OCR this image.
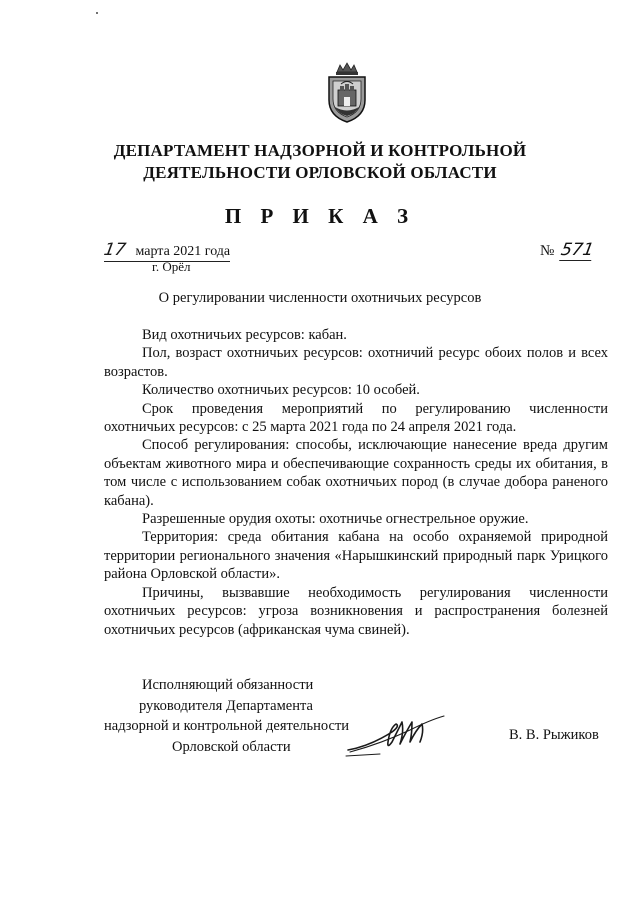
ДЕПАРТАМЕНТ НАДЗОРНОЙ И КОНТРОЛЬНОЙ
ДЕЯТЕЛЬНОСТИ ОРЛОВСКОЙ ОБЛАСТИ
П Р И К А З
17 марта 2021 года
г. Орёл
№ 571
О регулировании численности охотничьих ресурсов

Вид охотничьих ресурсов: кабан.

Пол, возраст охотничьих ресурсов: охотничий ресурс обоих полов и всех возрастов.

Количество охотничьих ресурсов: 10 особей.

Срок проведения мероприятий по регулированию численности охотничьих ресурсов: с 25 марта 2021 года по 24 апреля 2021 года.

Способ регулирования: способы, исключающие нанесение вреда другим объектам животного мира и обеспечивающие сохранность среды их обитания, в том числе с использованием собак охотничьих пород (в случае добора раненого кабана).

Разрешенные орудия охоты: охотничье огнестрельное оружие.

Территория: среда обитания кабана на особо охраняемой природной территории регионального значения «Нарышкинский природный парк Урицкого района Орловской области».

Причины, вызвавшие необходимость регулирования численности охотничьих ресурсов: угроза возникновения и распространения болезней охотничьих ресурсов (африканская чума свиней).

Исполняющий обязанности
руководителя Департамента
надзорной и контрольной деятельности
Орловской области
В. В. Рыжиков
